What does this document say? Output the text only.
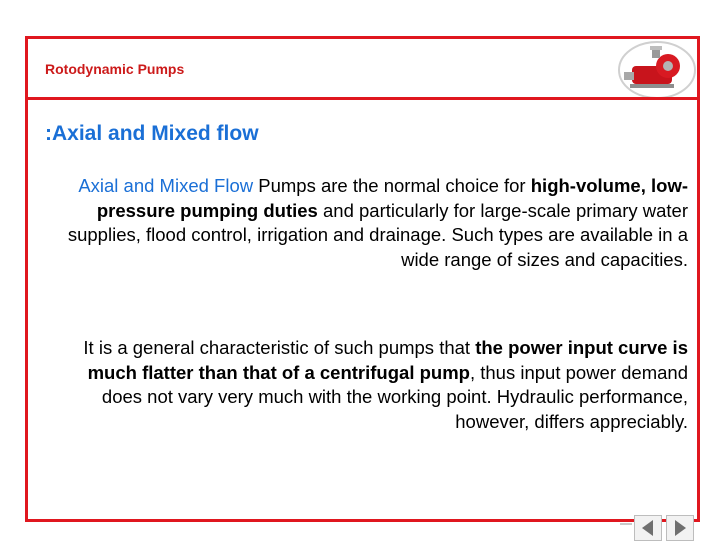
Rotodynamic Pumps
:Axial and Mixed flow
Axial and Mixed Flow Pumps are the normal choice for high-volume, low-pressure pumping duties and particularly for large-scale primary water supplies, flood control, irrigation and drainage. Such types are available in a wide range of sizes and capacities.
It is a general characteristic of such pumps that the power input curve is much flatter than that of a centrifugal pump, thus input power demand does not vary very much with the working point. Hydraulic performance, however, differs appreciably.
